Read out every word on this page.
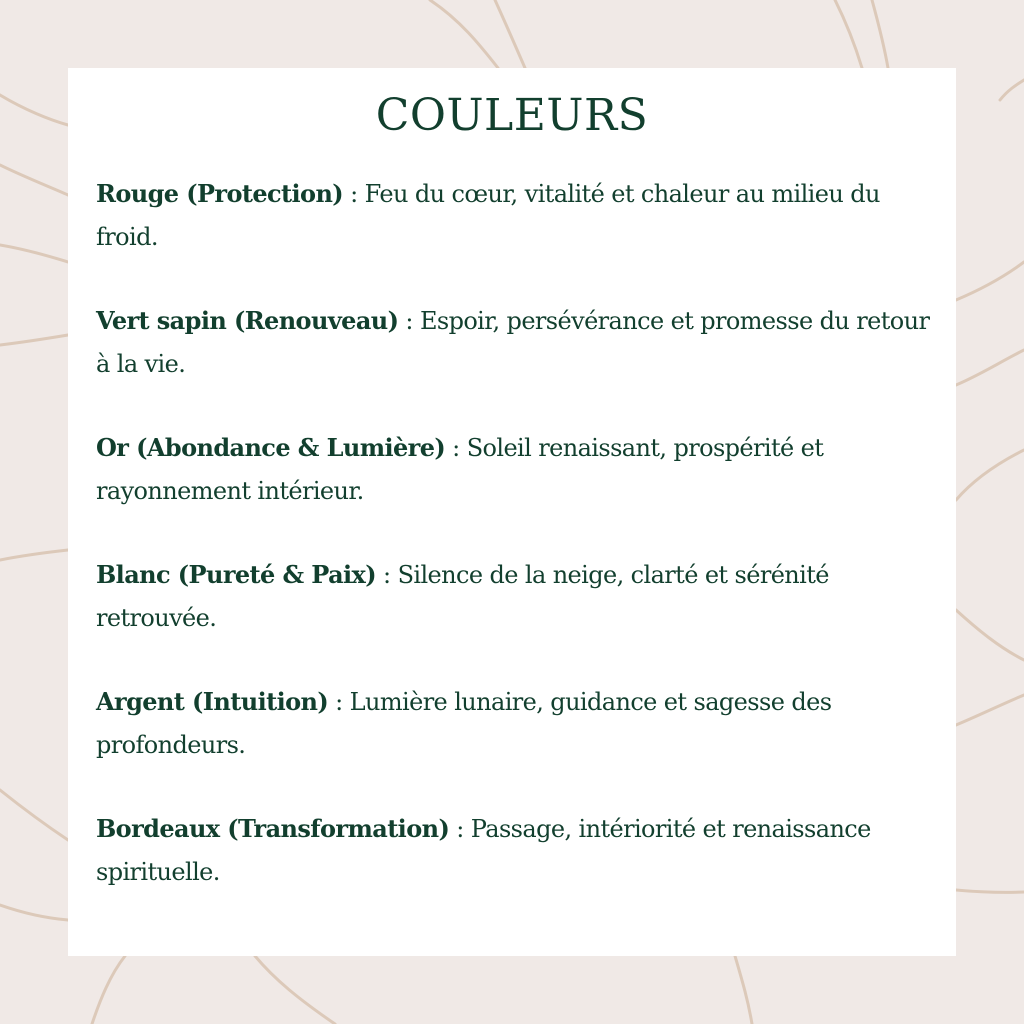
COULEURS
Rouge (Protection) : Feu du cœur, vitalité et chaleur au milieu du froid.
Vert sapin (Renouveau) : Espoir, persévérance et promesse du retour à la vie.
Or (Abondance & Lumière) : Soleil renaissant, prospérité et rayonnement intérieur.
Blanc (Pureté & Paix) : Silence de la neige, clarté et sérénité retrouvée.
Argent (Intuition) : Lumière lunaire, guidance et sagesse des profondeurs.
Bordeaux (Transformation) : Passage, intériorité et renaissance spirituelle.
